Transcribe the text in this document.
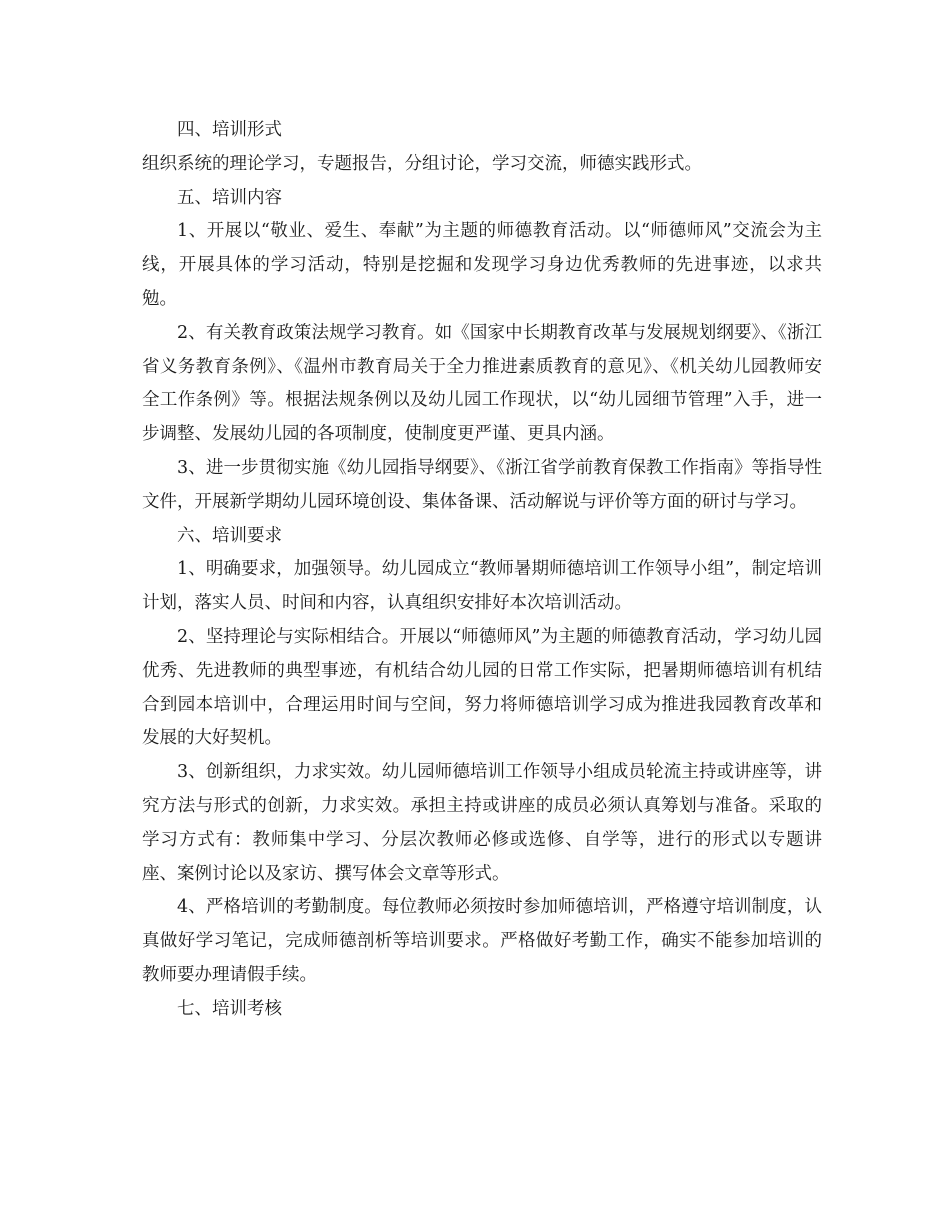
四、培训形式

组织系统的理论学习，专题报告，分组讨论，学习交流，师德实践形式。

五、培训内容

1、开展以“敬业、爱生、奉献”为主题的师德教育活动。以“师德师风”交流会为主线，开展具体的学习活动，特别是挖掘和发现学习身边优秀教师的先进事迹，以求共勉。

2、有关教育政策法规学习教育。如《国家中长期教育改革与发展规划纲要》、《浙江省义务教育条例》、《温州市教育局关于全力推进素质教育的意见》、《机关幼儿园教师安全工作条例》等。根据法规条例以及幼儿园工作现状，以“幼儿园细节管理”入手，进一步调整、发展幼儿园的各项制度，使制度更严谨、更具内涵。

3、进一步贯彻实施《幼儿园指导纲要》、《浙江省学前教育保教工作指南》等指导性文件，开展新学期幼儿园环境创设、集体备课、活动解说与评价等方面的研讨与学习。

六、培训要求

1、明确要求，加强领导。幼儿园成立“教师暑期师德培训工作领导小组”，制定培训计划，落实人员、时间和内容，认真组织安排好本次培训活动。

2、坚持理论与实际相结合。开展以“师德师风”为主题的师德教育活动，学习幼儿园优秀、先进教师的典型事迹，有机结合幼儿园的日常工作实际，把暑期师德培训有机结合到园本培训中，合理运用时间与空间，努力将师德培训学习成为推进我园教育改革和发展的大好契机。

3、创新组织，力求实效。幼儿园师德培训工作领导小组成员轮流主持或讲座等，讲究方法与形式的创新，力求实效。承担主持或讲座的成员必须认真筹划与准备。采取的学习方式有：教师集中学习、分层次教师必修或选修、自学等，进行的形式以专题讲座、案例讨论以及家访、撰写体会文章等形式。

4、严格培训的考勤制度。每位教师必须按时参加师德培训，严格遵守培训制度，认真做好学习笔记，完成师德剖析等培训要求。严格做好考勤工作，确实不能参加培训的教师要办理请假手续。

七、培训考核
